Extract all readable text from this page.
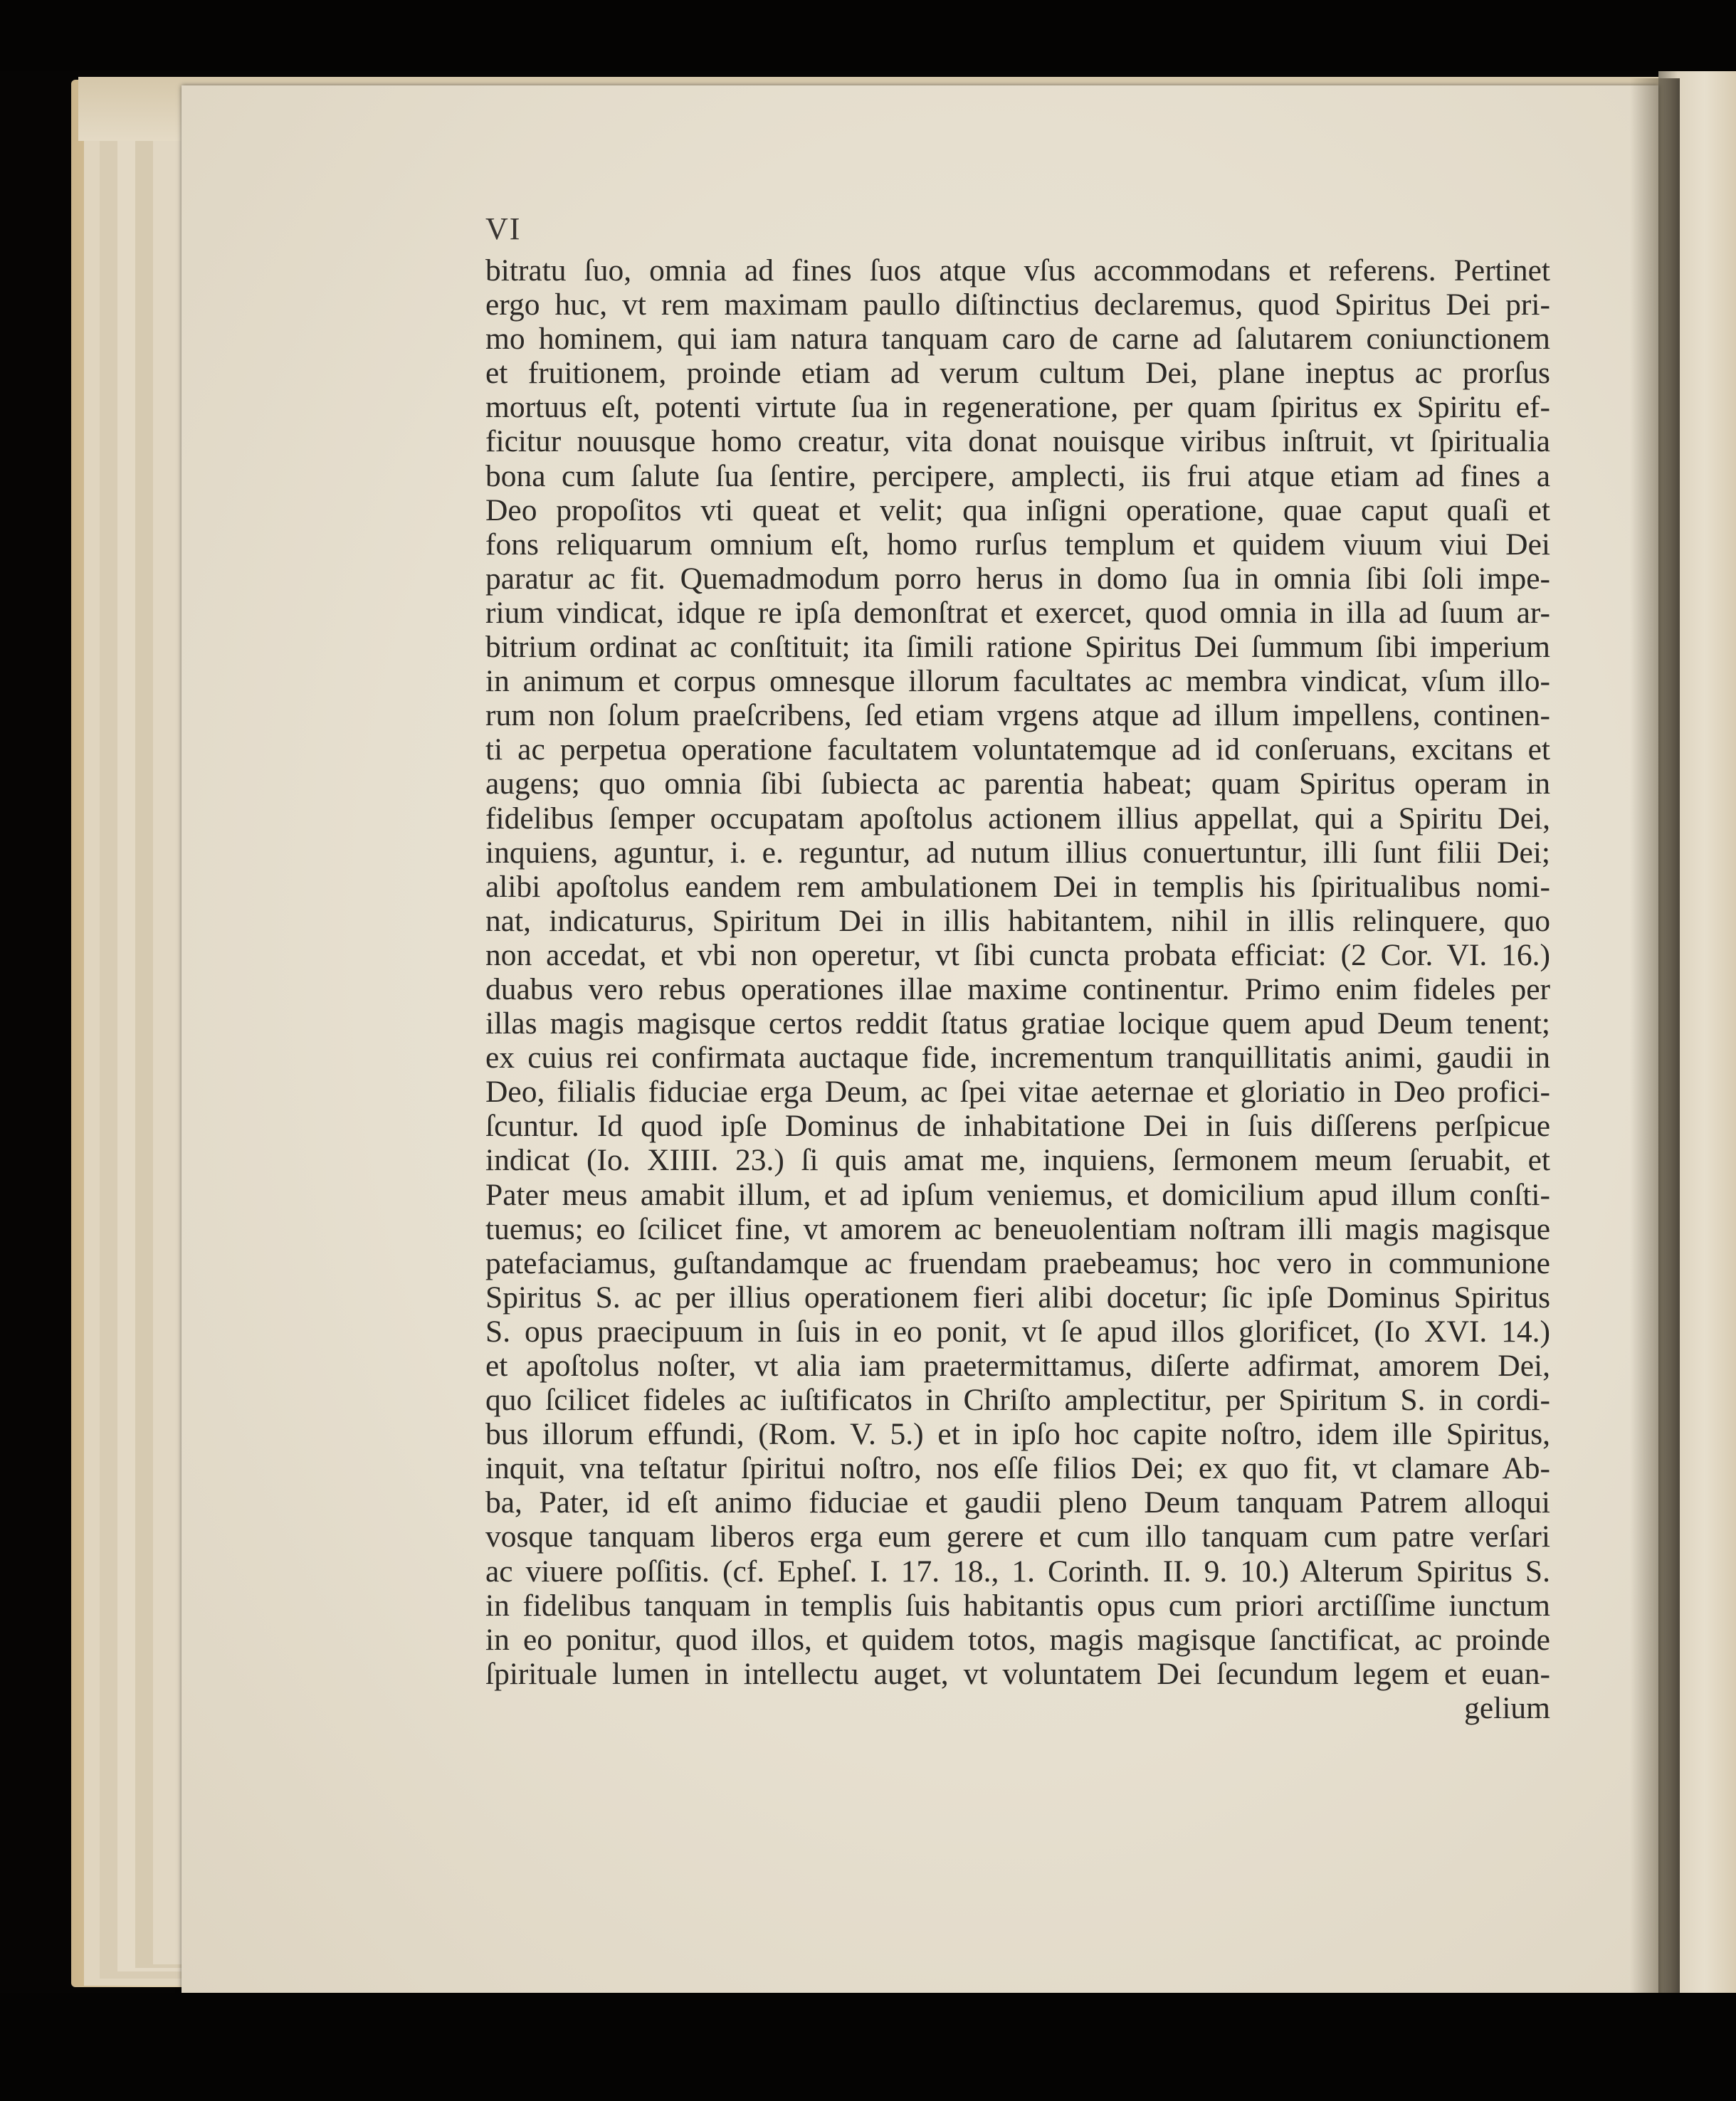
VI
bitratu ſuo, omnia ad fines ſuos atque vſus accommodans et referens. Pertinet
ergo huc, vt rem maximam paullo diſtinctius declaremus, quod Spiritus Dei pri-
mo hominem, qui iam natura tanquam caro de carne ad ſalutarem coniunctionem
et fruitionem, proinde etiam ad verum cultum Dei, plane ineptus ac prorſus
mortuus eſt, potenti virtute ſua in regeneratione, per quam ſpiritus ex Spiritu ef-
ficitur nouusque homo creatur, vita donat nouisque viribus inſtruit, vt ſpiritualia
bona cum ſalute ſua ſentire, percipere, amplecti, iis frui atque etiam ad fines a
Deo propoſitos vti queat et velit; qua inſigni operatione, quae caput quaſi et
fons reliquarum omnium eſt, homo rurſus templum et quidem viuum viui Dei
paratur ac fit. Quemadmodum porro herus in domo ſua in omnia ſibi ſoli impe-
rium vindicat, idque re ipſa demonſtrat et exercet, quod omnia in illa ad ſuum ar-
bitrium ordinat ac conſtituit; ita ſimili ratione Spiritus Dei ſummum ſibi imperium
in animum et corpus omnesque illorum facultates ac membra vindicat, vſum illo-
rum non ſolum praeſcribens, ſed etiam vrgens atque ad illum impellens, continen-
ti ac perpetua operatione facultatem voluntatemque ad id conſeruans, excitans et
augens; quo omnia ſibi ſubiecta ac parentia habeat; quam Spiritus operam in
fidelibus ſemper occupatam apoſtolus actionem illius appellat, qui a Spiritu Dei,
inquiens, aguntur, i. e. reguntur, ad nutum illius conuertuntur, illi ſunt filii Dei;
alibi apoſtolus eandem rem ambulationem Dei in templis his ſpiritualibus nomi-
nat, indicaturus, Spiritum Dei in illis habitantem, nihil in illis relinquere, quo
non accedat, et vbi non operetur, vt ſibi cuncta probata efficiat: (2 Cor. VI. 16.)
duabus vero rebus operationes illae maxime continentur. Primo enim fideles per
illas magis magisque certos reddit ſtatus gratiae locique quem apud Deum tenent;
ex cuius rei confirmata auctaque fide, incrementum tranquillitatis animi, gaudii in
Deo, filialis fiduciae erga Deum, ac ſpei vitae aeternae et gloriatio in Deo profici-
ſcuntur. Id quod ipſe Dominus de inhabitatione Dei in ſuis diſſerens perſpicue
indicat (Io. XIIII. 23.) ſi quis amat me, inquiens, ſermonem meum ſeruabit, et
Pater meus amabit illum, et ad ipſum veniemus, et domicilium apud illum conſti-
tuemus; eo ſcilicet fine, vt amorem ac beneuolentiam noſtram illi magis magisque
patefaciamus, guſtandamque ac fruendam praebeamus; hoc vero in communione
Spiritus S. ac per illius operationem fieri alibi docetur; ſic ipſe Dominus Spiritus
S. opus praecipuum in ſuis in eo ponit, vt ſe apud illos glorificet, (Io XVI. 14.)
et apoſtolus noſter, vt alia iam praetermittamus, diſerte adfirmat, amorem Dei,
quo ſcilicet fideles ac iuſtificatos in Chriſto amplectitur, per Spiritum S. in cordi-
bus illorum effundi, (Rom. V. 5.) et in ipſo hoc capite noſtro, idem ille Spiritus,
inquit, vna teſtatur ſpiritui noſtro, nos eſſe filios Dei; ex quo fit, vt clamare Ab-
ba, Pater, id eſt animo fiduciae et gaudii pleno Deum tanquam Patrem alloqui
vosque tanquam liberos erga eum gerere et cum illo tanquam cum patre verſari
ac viuere poſſitis. (cf. Epheſ. I. 17. 18., 1. Corinth. II. 9. 10.) Alterum Spiritus S.
in fidelibus tanquam in templis ſuis habitantis opus cum priori arctiſſime iunctum
in eo ponitur, quod illos, et quidem totos, magis magisque ſanctificat, ac proinde
ſpirituale lumen in intellectu auget, vt voluntatem Dei ſecundum legem et euan-
gelium
